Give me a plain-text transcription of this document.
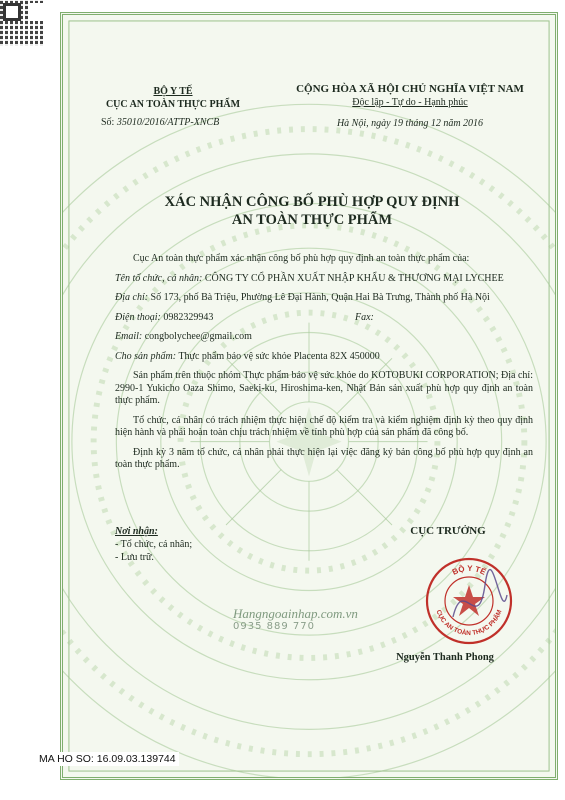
BỘ Y TẾ
CỤC AN TOÀN THỰC PHẨM
Số: 35010/2016/ATTP-XNCB
CỘNG HÒA XÃ HỘI CHỦ NGHĨA VIỆT NAM
Độc lập - Tự do - Hạnh phúc
Hà Nội, ngày 19 tháng 12 năm 2016
XÁC NHẬN CÔNG BỐ PHÙ HỢP QUY ĐỊNH
AN TOÀN THỰC PHẨM

Cục An toàn thực phẩm xác nhận công bố phù hợp quy định an toàn thực phẩm của:

Tên tổ chức, cá nhân: CÔNG TY CỔ PHẦN XUẤT NHẬP KHẨU & THƯƠNG MẠI LYCHEE

Địa chỉ: Số 173, phố Bà Triệu, Phường Lê Đại Hành, Quận Hai Bà Trưng, Thành phố Hà Nội

Điện thoại: 0982329943	Fax:

Email: congbolychee@gmail.com

Cho sản phẩm: Thực phẩm bảo vệ sức khỏe Placenta 82X 450000

Sản phẩm trên thuộc nhóm Thực phẩm bảo vệ sức khỏe do KOTOBUKI CORPORATION; Địa chỉ: 2990-1 Yukicho Oaza Shimo, Saeki-ku, Hiroshima-ken, Nhật Bản sản xuất phù hợp quy định an toàn thực phẩm.

Tổ chức, cá nhân có trách nhiệm thực hiện chế độ kiểm tra và kiểm nghiệm định kỳ theo quy định hiện hành và phải hoàn toàn chịu trách nhiệm về tính phù hợp của sản phẩm đã công bố.

Định kỳ 3 năm tổ chức, cá nhân phải thực hiện lại việc đăng ký bản công bố phù hợp quy định an toàn thực phẩm.

Nơi nhận:
- Tổ chức, cá nhân;
- Lưu trữ.
CỤC TRƯỞNG
BỘ Y TẾ
CỤC AN TOÀN THỰC PHẨM
Nguyễn Thanh Phong
Hangngoainhap.com.vn
0935 889 770
MA HO SO: 16.09.03.139744
